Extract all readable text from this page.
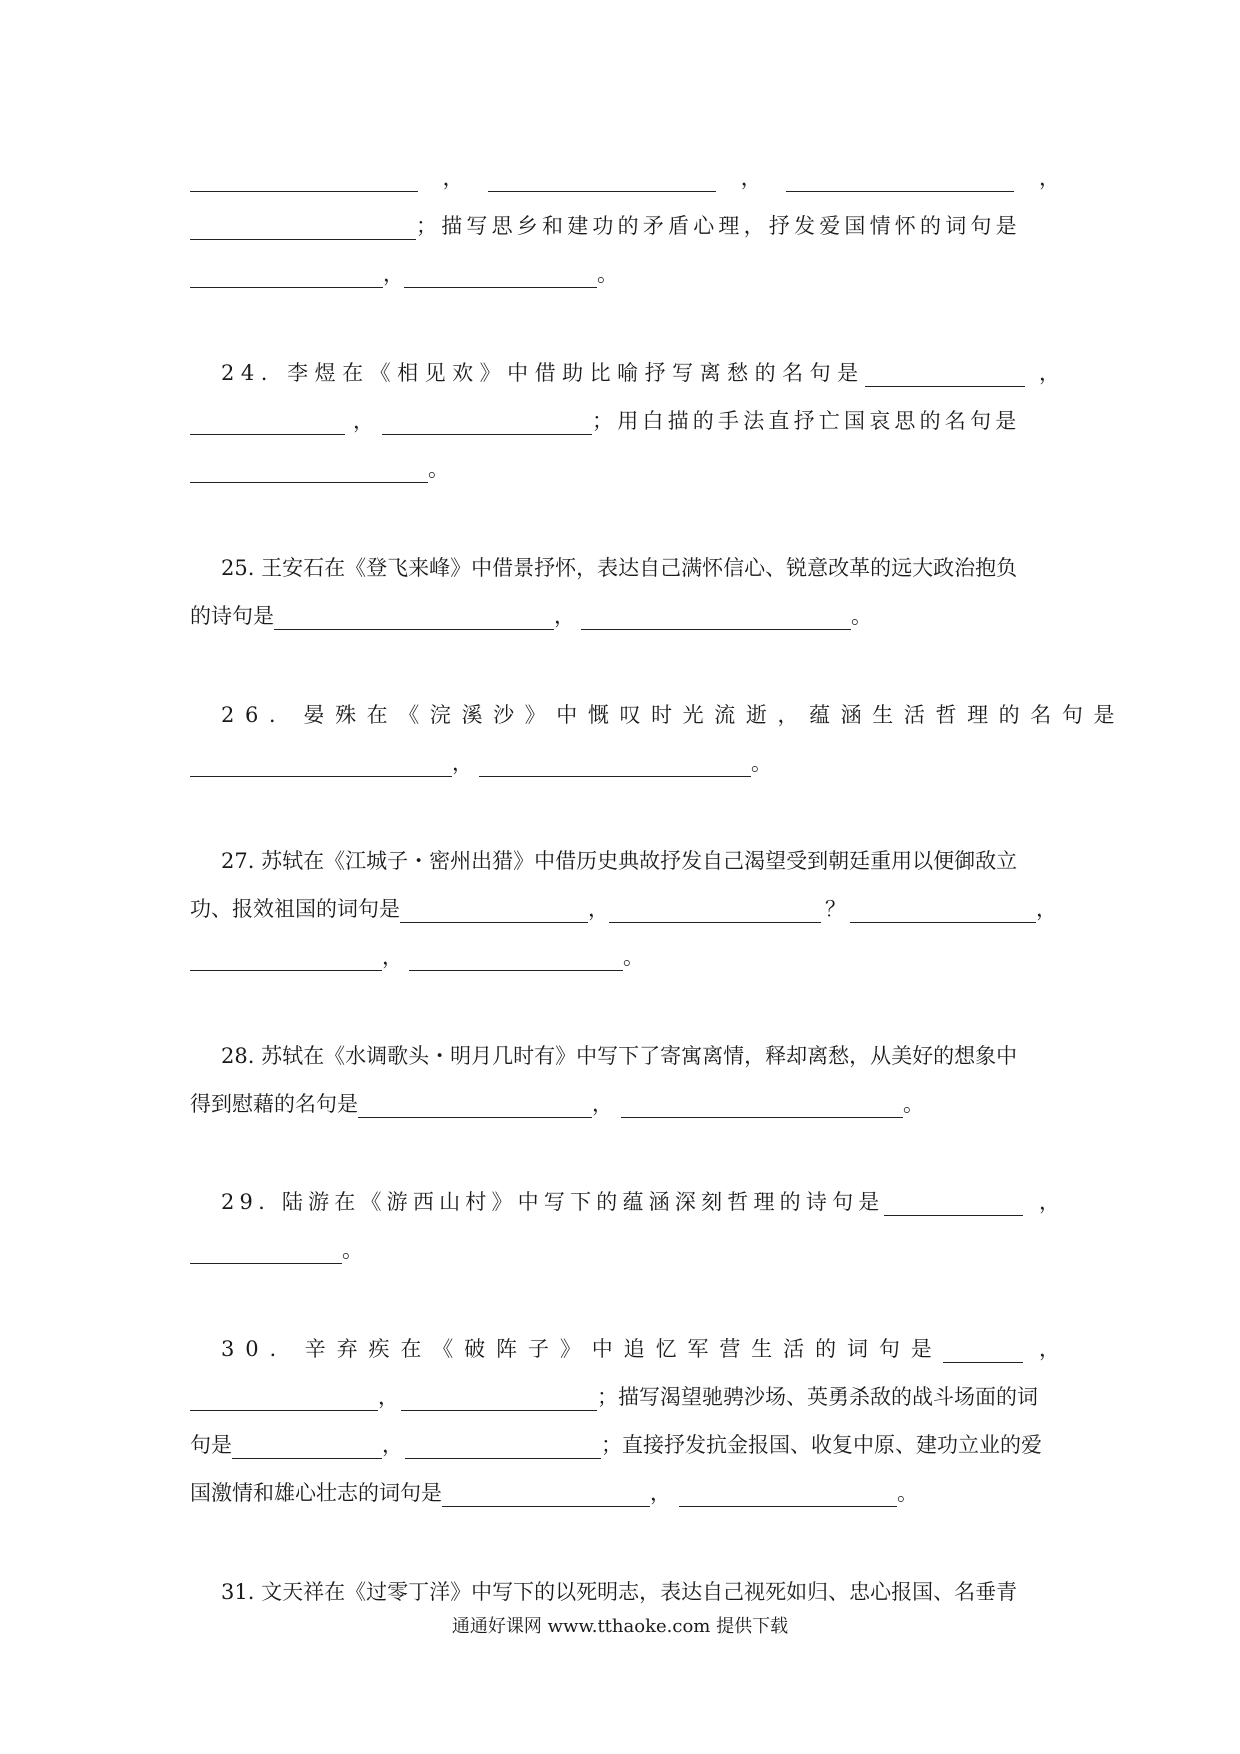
，	，	，
；描写思乡和建功的矛盾心理，抒发爱国情怀的词句是
，	。
24. 李煜在《相见欢》中借助比喻抒写离愁的名句是	，
，	；用白描的手法直抒亡国哀思的名句是
。
25. 王安石在《登飞来峰》中借景抒怀，表达自己满怀信心、锐意改革的远大政治抱负
的诗句是	，	。
26. 晏殊在《浣溪沙》中慨叹时光流逝，蕴涵生活哲理的名句是
，	。
27. 苏轼在《江城子・密州出猎》中借历史典故抒发自己渴望受到朝廷重用以便御敌立
功、报效祖国的词句是	，	？	，
，	。
28. 苏轼在《水调歌头・明月几时有》中写下了寄寓离情，释却离愁，从美好的想象中
得到慰藉的名句是	，	。
29. 陆游在《游西山村》中写下的蕴涵深刻哲理的诗句是	，
。
30. 辛弃疾在《破阵子》中追忆军营生活的词句是	，
，	；描写渴望驰骋沙场、英勇杀敌的战斗场面的词
句是	，	；直接抒发抗金报国、收复中原、建功立业的爱
国激情和雄心壮志的词句是	，	。
31. 文天祥在《过零丁洋》中写下的以死明志，表达自己视死如归、忠心报国、名垂青
通通好课网 www.tthaoke.com 提供下载
